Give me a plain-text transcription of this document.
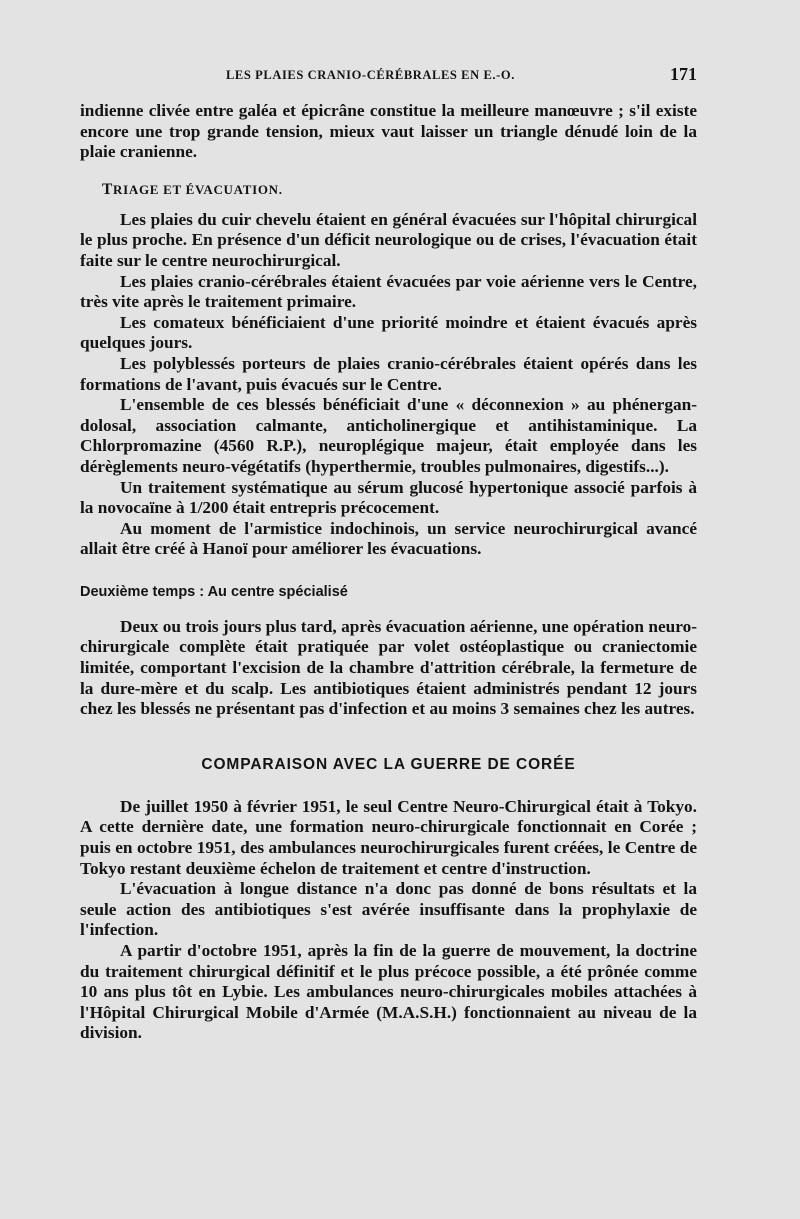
LES PLAIES CRANIO-CÉRÉBRALES EN E.-O.	171

indienne clivée entre galéa et épicrâne constitue la meilleure manœuvre ; s'il existe encore une trop grande tension, mieux vaut laisser un triangle dénudé loin de la plaie cranienne.

TRIAGE ET ÉVACUATION.

Les plaies du cuir chevelu étaient en général évacuées sur l'hôpital chirurgical le plus proche. En présence d'un déficit neurologique ou de crises, l'évacuation était faite sur le centre neurochirurgical.

Les plaies cranio-cérébrales étaient évacuées par voie aérienne vers le Centre, très vite après le traitement primaire.

Les comateux bénéficiaient d'une priorité moindre et étaient évacués après quelques jours.

Les polyblessés porteurs de plaies cranio-cérébrales étaient opérés dans les formations de l'avant, puis évacués sur le Centre.

L'ensemble de ces blessés bénéficiait d'une « déconnexion » au phénergan-dolosal, association calmante, anticholinergique et antihistaminique. La Chlorpromazine (4560 R.P.), neuroplégique majeur, était employée dans les dérèglements neuro-végétatifs (hyperthermie, troubles pulmonaires, digestifs...).

Un traitement systématique au sérum glucosé hypertonique associé parfois à la novocaïne à 1/200 était entrepris précocement.

Au moment de l'armistice indochinois, un service neurochirurgical avancé allait être créé à Hanoï pour améliorer les évacuations.

Deuxième temps : Au centre spécialisé

Deux ou trois jours plus tard, après évacuation aérienne, une opération neuro-chirurgicale complète était pratiquée par volet ostéoplastique ou craniectomie limitée, comportant l'excision de la chambre d'attrition cérébrale, la fermeture de la dure-mère et du scalp. Les antibiotiques étaient administrés pendant 12 jours chez les blessés ne présentant pas d'infection et au moins 3 semaines chez les autres.

COMPARAISON AVEC LA GUERRE DE CORÉE

De juillet 1950 à février 1951, le seul Centre Neuro-Chirurgical était à Tokyo. A cette dernière date, une formation neuro-chirurgicale fonctionnait en Corée ; puis en octobre 1951, des ambulances neurochirurgicales furent créées, le Centre de Tokyo restant deuxième échelon de traitement et centre d'instruction.

L'évacuation à longue distance n'a donc pas donné de bons résultats et la seule action des antibiotiques s'est avérée insuffisante dans la prophylaxie de l'infection.

A partir d'octobre 1951, après la fin de la guerre de mouvement, la doctrine du traitement chirurgical définitif et le plus précoce possible, a été prônée comme 10 ans plus tôt en Lybie. Les ambulances neuro-chirurgicales mobiles attachées à l'Hôpital Chirurgical Mobile d'Armée (M.A.S.H.) fonctionnaient au niveau de la division.
